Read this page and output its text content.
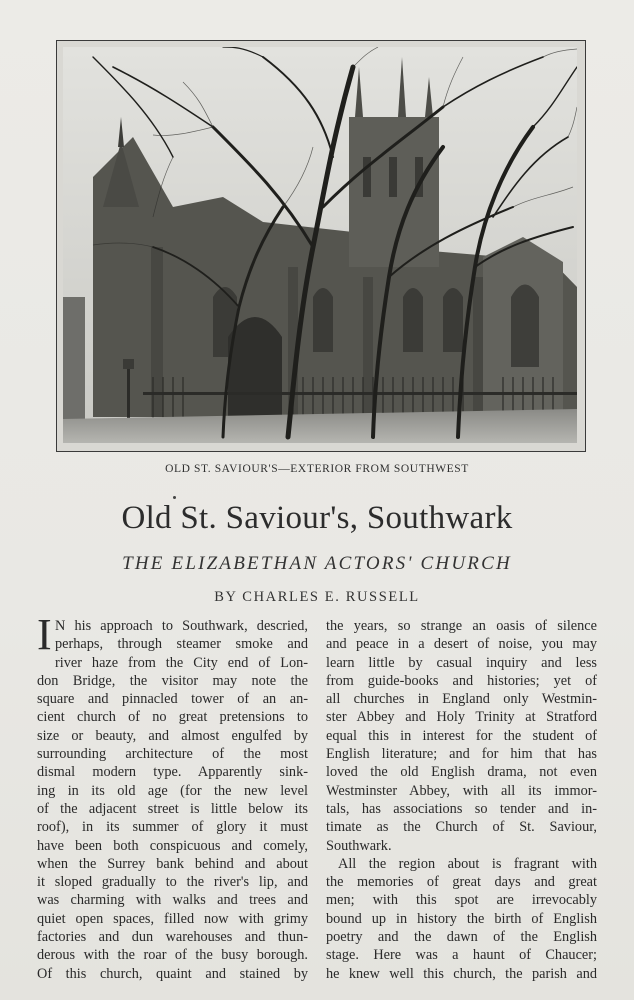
OLD ST. SAVIOUR'S—EXTERIOR FROM SOUTHWEST
Old St. Saviour's, Southwark
THE ELIZABETHAN ACTORS' CHURCH
BY CHARLES E. RUSSELL
I N his approach to Southwark, descried,
perhaps, through steamer smoke and
river haze from the City end of Lon-
don Bridge, the visitor may note the
square and pinnacled tower of an an-
cient church of no great pretensions to
size or beauty, and almost engulfed by
surrounding architecture of the most
dismal modern type. Apparently sink-
ing in its old age (for the new level
of the adjacent street is little below its
roof), in its summer of glory it must
have been both conspicuous and comely,
when the Surrey bank behind and about
it sloped gradually to the river's lip, and
was charming with walks and trees and
quiet open spaces, filled now with grimy
factories and dun warehouses and thun-
derous with the roar of the busy borough.
Of this church, quaint and stained by
the years, so strange an oasis of silence
and peace in a desert of noise, you may
learn little by casual inquiry and less
from guide-books and histories; yet of
all churches in England only Westmin-
ster Abbey and Holy Trinity at Stratford
equal this in interest for the student of
English literature; and for him that has
loved the old English drama, not even
Westminster Abbey, with all its immor-
tals, has associations so tender and in-
timate as the Church of St. Saviour,
Southwark.
All the region about is fragrant with
the memories of great days and great
men; with this spot are irrevocably
bound up in history the birth of English
poetry and the dawn of the English
stage. Here was a haunt of Chaucer;
he knew well this church, the parish and
